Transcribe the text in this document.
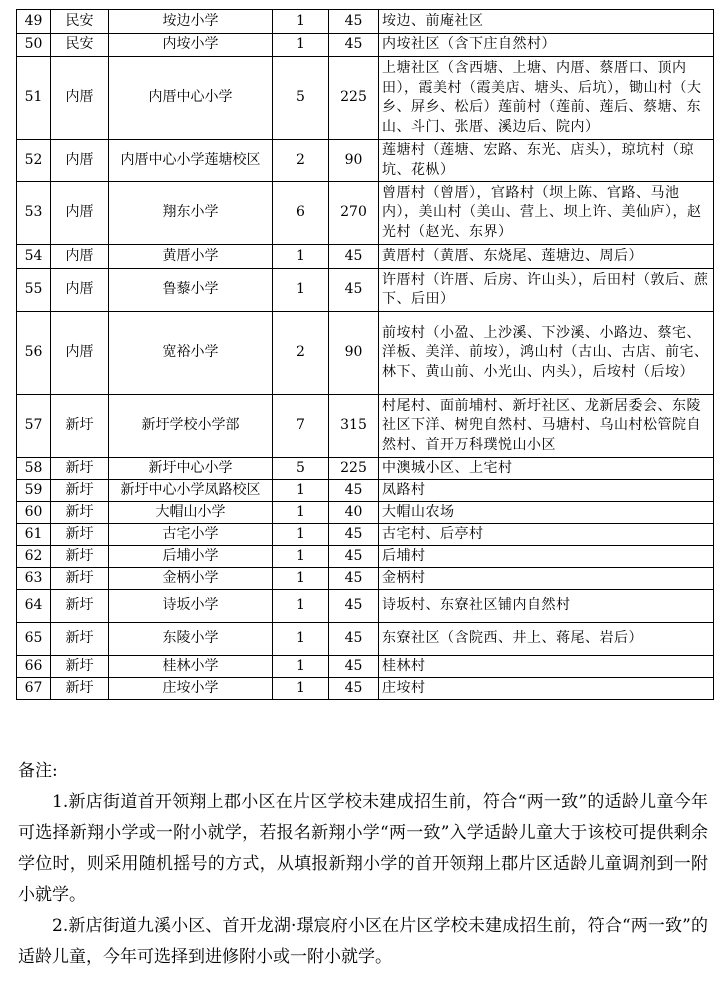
49	民安	垵边小学	1	45	垵边、前庵社区
50	民安	内垵小学	1	45	内垵社区（含下庄自然村）
51	内厝	内厝中心小学	5	225	上塘社区（含西塘、上塘、内厝、蔡厝口、顶内田），霞美村（霞美店、塘头、后坑），锄山村（大乡、屏乡、松后）莲前村（莲前、莲后、蔡塘、东山、斗门、张厝、溪边后、院内）
52	内厝	内厝中心小学莲塘校区	2	90	莲塘村（莲塘、宏路、东光、店头），琼坑村（琼坑、花枞）
53	内厝	翔东小学	6	270	曾厝村（曾厝），官路村（坝上陈、官路、马池内），美山村（美山、营上、坝上许、美仙庐），赵光村（赵光、东界）
54	内厝	黄厝小学	1	45	黄厝村（黄厝、东烧尾、莲塘边、周后）
55	内厝	鲁藜小学	1	45	许厝村（许厝、后房、许山头），后田村（敦后、蔗下、后田）
56	内厝	宽裕小学	2	90	前垵村（小盈、上沙溪、下沙溪、小路边、蔡宅、洋板、美洋、前垵），鸿山村（古山、古店、前宅、林下、黄山前、小光山、内头），后垵村（后垵）
57	新圩	新圩学校小学部	7	315	村尾村、面前埔村、新圩社区、龙新居委会、东陵社区下洋、树兜自然村、马塘村、乌山村松管院自然村、首开万科璞悦山小区
58	新圩	新圩中心小学	5	225	中澳城小区、上宅村
59	新圩	新圩中心小学凤路校区	1	45	凤路村
60	新圩	大帽山小学	1	40	大帽山农场
61	新圩	古宅小学	1	45	古宅村、后亭村
62	新圩	后埔小学	1	45	后埔村
63	新圩	金柄小学	1	45	金柄村
64	新圩	诗坂小学	1	45	诗坂村、东寮社区铺内自然村
65	新圩	东陵小学	1	45	东寮社区（含院西、井上、蒋尾、岩后）
66	新圩	桂林小学	1	45	桂林村
67	新圩	庄垵小学	1	45	庄垵村

备注:

1.新店街道首开领翔上郡小区在片区学校未建成招生前，符合“两一致”的适龄儿童今年可选择新翔小学或一附小就学，若报名新翔小学“两一致”入学适龄儿童大于该校可提供剩余学位时，则采用随机摇号的方式，从填报新翔小学的首开领翔上郡片区适龄儿童调剂到一附小就学。

2.新店街道九溪小区、首开龙湖·璟宸府小区在片区学校未建成招生前，符合“两一致”的适龄儿童，今年可选择到进修附小或一附小就学。
